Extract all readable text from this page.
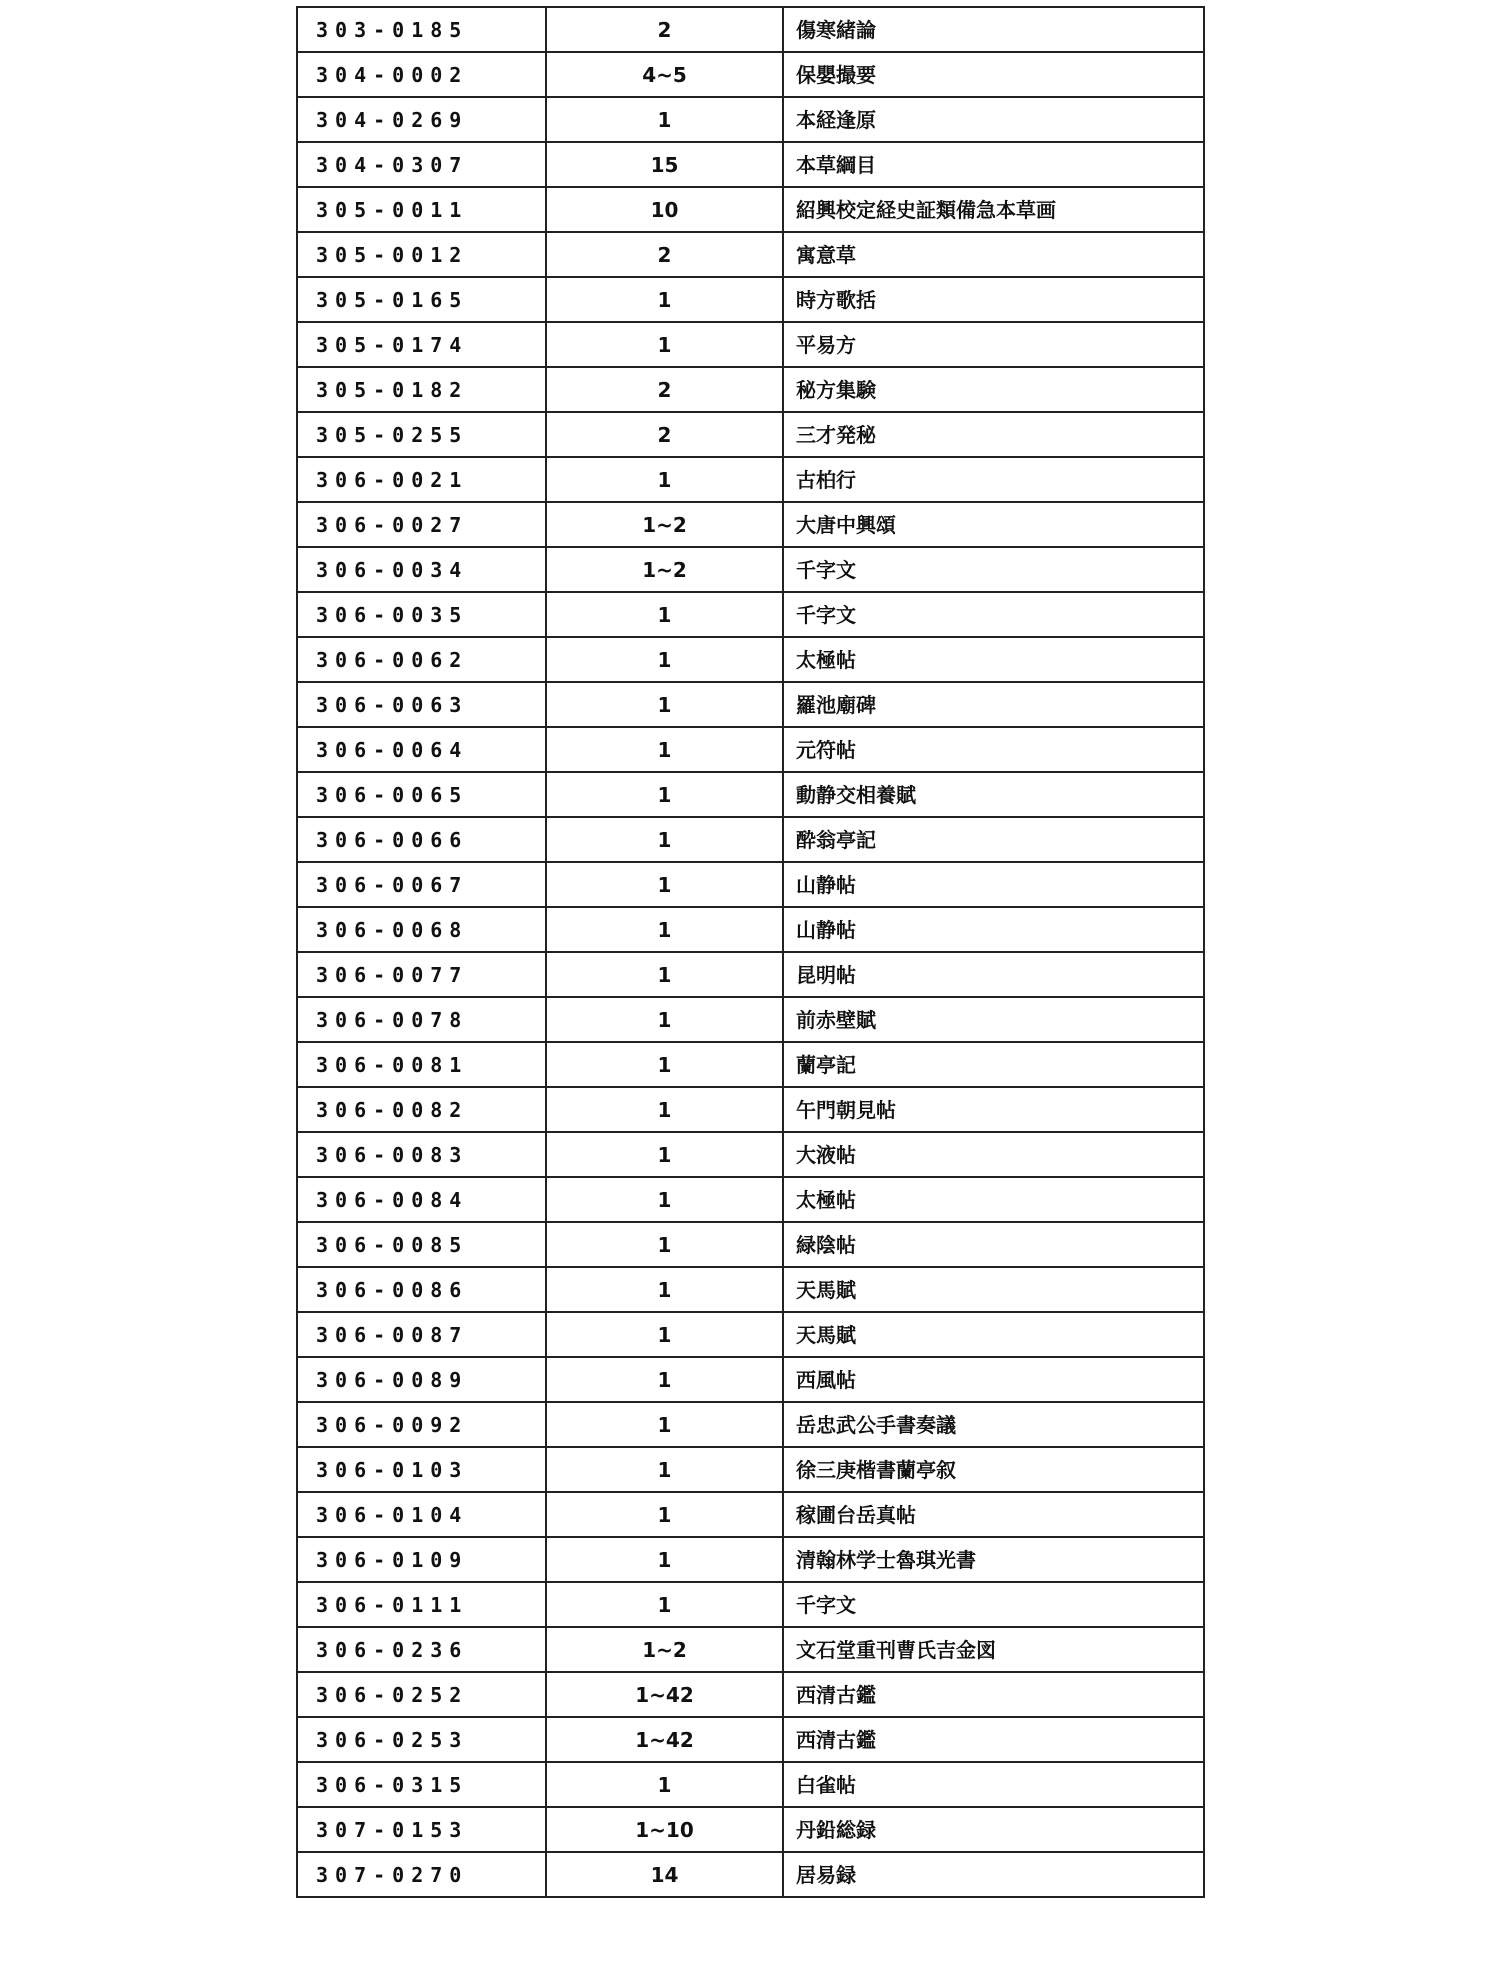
303-0185	2	傷寒緒論
304-0002	4~5	保嬰撮要
304-0269	1	本経逢原
304-0307	15	本草綱目
305-0011	10	紹興校定経史証類備急本草画
305-0012	2	寓意草
305-0165	1	時方歌括
305-0174	1	平易方
305-0182	2	秘方集験
305-0255	2	三才発秘
306-0021	1	古柏行
306-0027	1~2	大唐中興頌
306-0034	1~2	千字文
306-0035	1	千字文
306-0062	1	太極帖
306-0063	1	羅池廟碑
306-0064	1	元符帖
306-0065	1	動静交相養賦
306-0066	1	酔翁亭記
306-0067	1	山静帖
306-0068	1	山静帖
306-0077	1	昆明帖
306-0078	1	前赤壁賦
306-0081	1	蘭亭記
306-0082	1	午門朝見帖
306-0083	1	大液帖
306-0084	1	太極帖
306-0085	1	緑陰帖
306-0086	1	天馬賦
306-0087	1	天馬賦
306-0089	1	西風帖
306-0092	1	岳忠武公手書奏議
306-0103	1	徐三庚楷書蘭亭叙
306-0104	1	稼圃台岳真帖
306-0109	1	清翰林学士魯琪光書
306-0111	1	千字文
306-0236	1~2	文石堂重刊曹氏吉金図
306-0252	1~42	西清古鑑
306-0253	1~42	西清古鑑
306-0315	1	白雀帖
307-0153	1~10	丹鉛総録
307-0270	14	居易録
